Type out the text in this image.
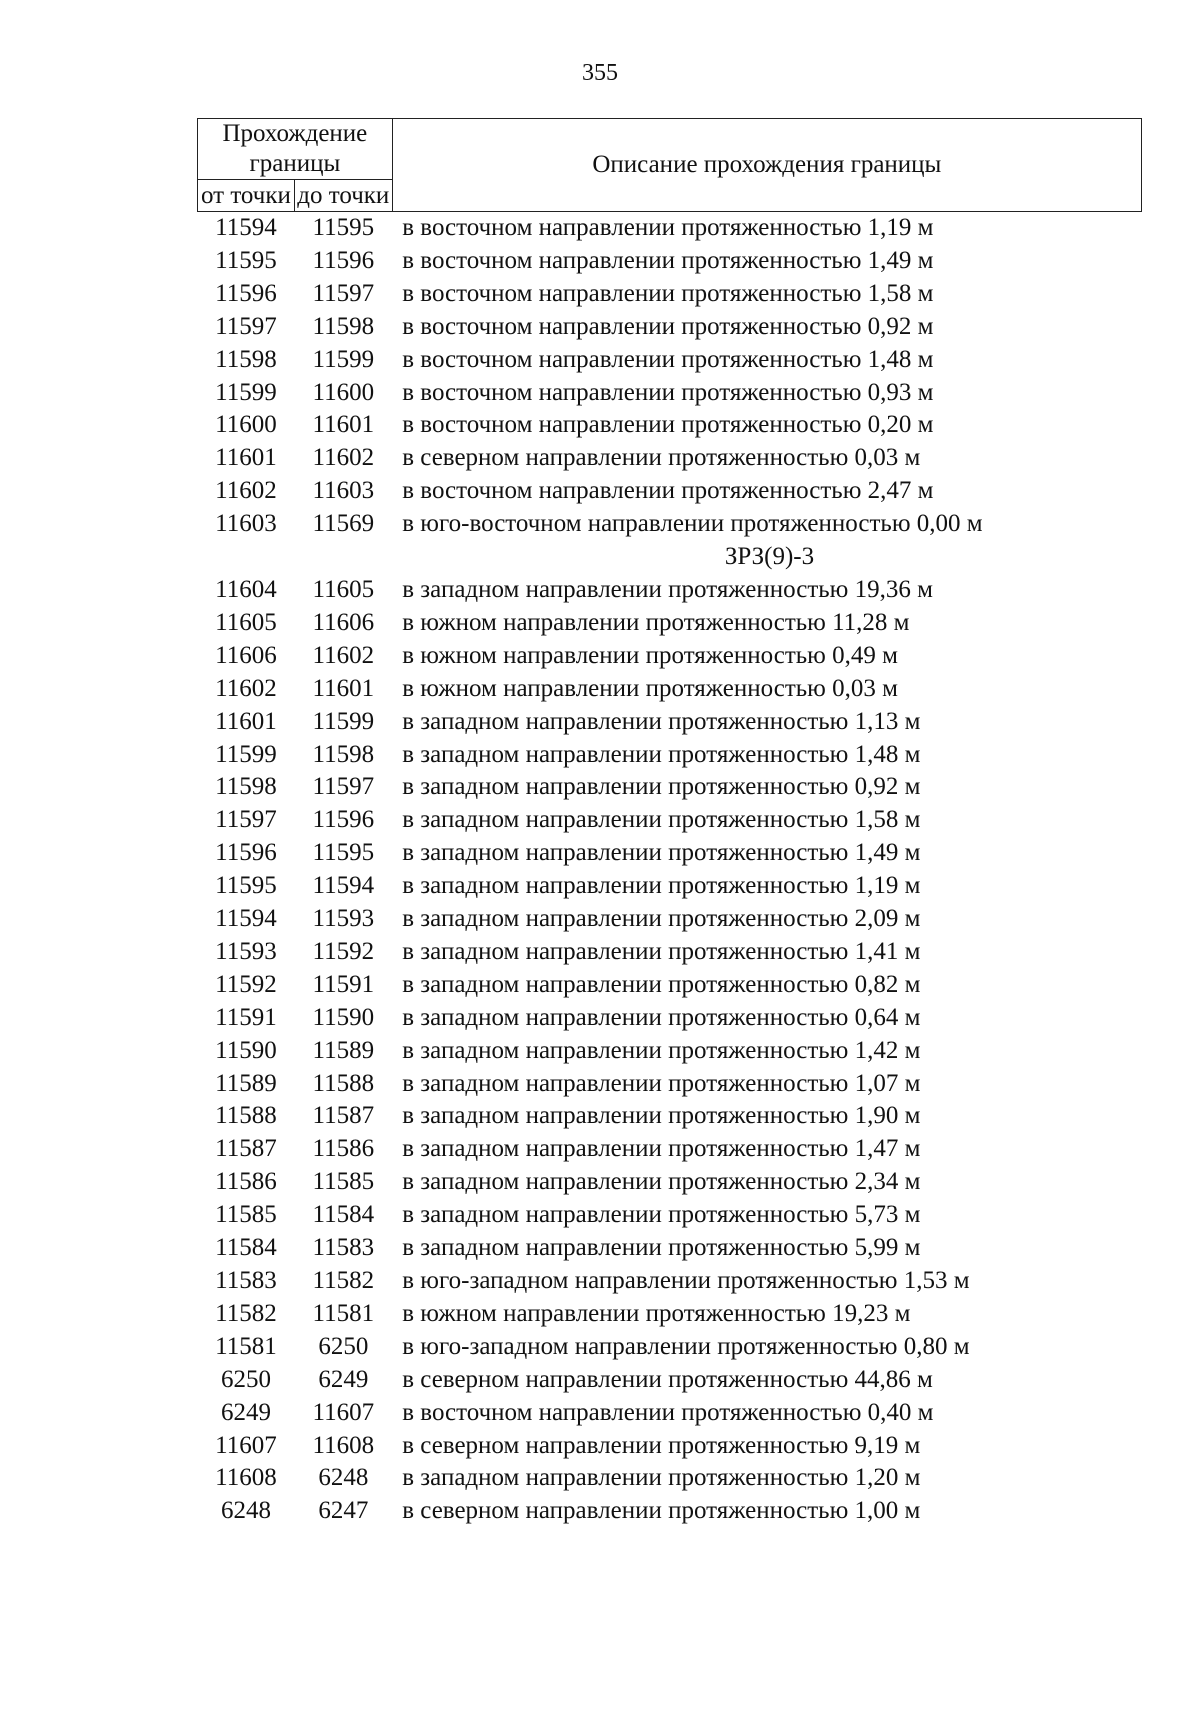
355
Прохождение границы		Описание прохождения границы
от точки	до точки	
11594	11595	в восточном направлении протяженностью 1,19 м
11595	11596	в восточном направлении протяженностью 1,49 м
11596	11597	в восточном направлении протяженностью 1,58 м
11597	11598	в восточном направлении протяженностью 0,92 м
11598	11599	в восточном направлении протяженностью 1,48 м
11599	11600	в восточном направлении протяженностью 0,93 м
11600	11601	в восточном направлении протяженностью 0,20 м
11601	11602	в северном направлении протяженностью 0,03 м
11602	11603	в восточном направлении протяженностью 2,47 м
11603	11569	в юго-восточном направлении протяженностью 0,00 м
ЗРЗ(9)-3		
11604	11605	в западном направлении протяженностью 19,36 м
11605	11606	в южном направлении протяженностью 11,28 м
11606	11602	в южном направлении протяженностью 0,49 м
11602	11601	в южном направлении протяженностью 0,03 м
11601	11599	в западном направлении протяженностью 1,13 м
11599	11598	в западном направлении протяженностью 1,48 м
11598	11597	в западном направлении протяженностью 0,92 м
11597	11596	в западном направлении протяженностью 1,58 м
11596	11595	в западном направлении протяженностью 1,49 м
11595	11594	в западном направлении протяженностью 1,19 м
11594	11593	в западном направлении протяженностью 2,09 м
11593	11592	в западном направлении протяженностью 1,41 м
11592	11591	в западном направлении протяженностью 0,82 м
11591	11590	в западном направлении протяженностью 0,64 м
11590	11589	в западном направлении протяженностью 1,42 м
11589	11588	в западном направлении протяженностью 1,07 м
11588	11587	в западном направлении протяженностью 1,90 м
11587	11586	в западном направлении протяженностью 1,47 м
11586	11585	в западном направлении протяженностью 2,34 м
11585	11584	в западном направлении протяженностью 5,73 м
11584	11583	в западном направлении протяженностью 5,99 м
11583	11582	в юго-западном направлении протяженностью 1,53 м
11582	11581	в южном направлении протяженностью 19,23 м
11581	6250	в юго-западном направлении протяженностью 0,80 м
6250	6249	в северном направлении протяженностью 44,86 м
6249	11607	в восточном направлении протяженностью 0,40 м
11607	11608	в северном направлении протяженностью 9,19 м
11608	6248	в западном направлении протяженностью 1,20 м
6248	6247	в северном направлении протяженностью 1,00 м
